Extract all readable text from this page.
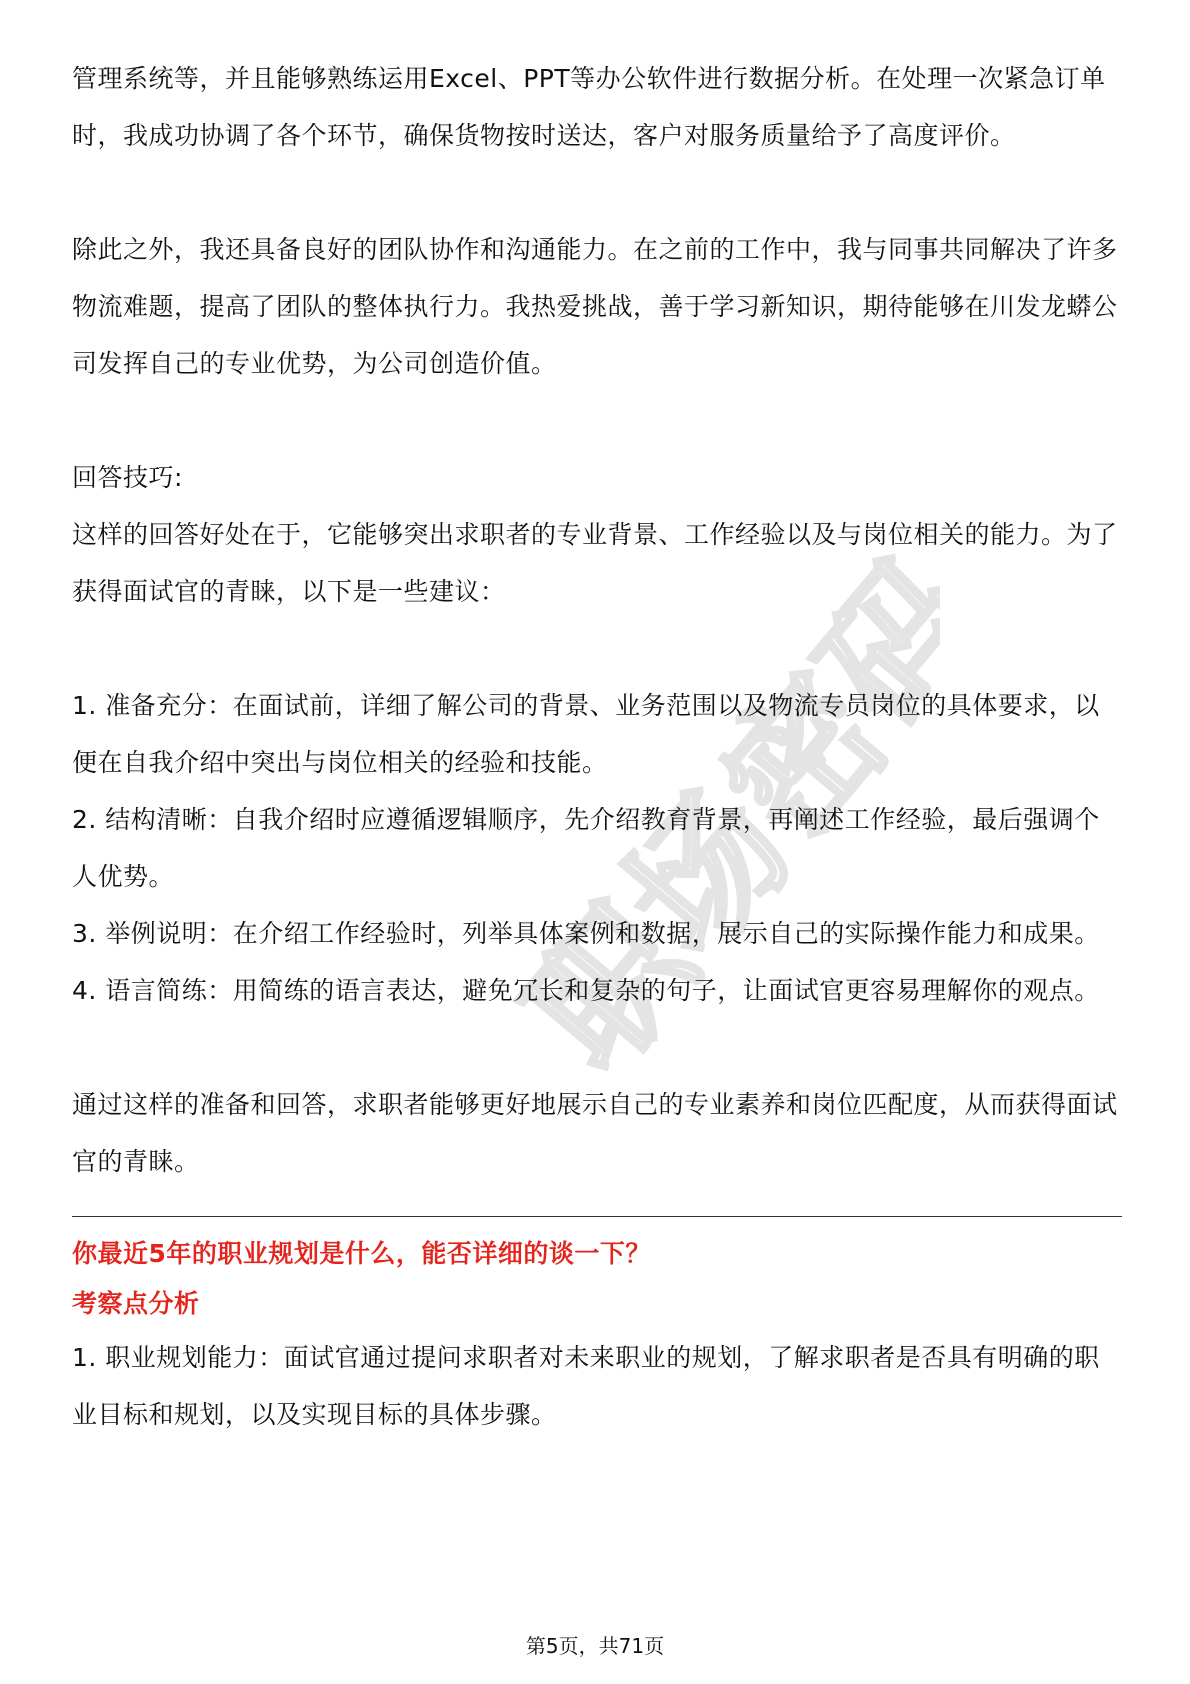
职场密码

管理系统等，并且能够熟练运用Excel、PPT等办公软件进行数据分析。在处理一次紧急订单时，我成功协调了各个环节，确保货物按时送达，客户对服务质量给予了高度评价。

除此之外，我还具备良好的团队协作和沟通能力。在之前的工作中，我与同事共同解决了许多物流难题，提高了团队的整体执行力。我热爱挑战，善于学习新知识，期待能够在川发龙蟒公司发挥自己的专业优势，为公司创造价值。

回答技巧:

这样的回答好处在于，它能够突出求职者的专业背景、工作经验以及与岗位相关的能力。为了获得面试官的青睐，以下是一些建议：

1. 准备充分：在面试前，详细了解公司的背景、业务范围以及物流专员岗位的具体要求，以便在自我介绍中突出与岗位相关的经验和技能。

2. 结构清晰：自我介绍时应遵循逻辑顺序，先介绍教育背景，再阐述工作经验，最后强调个人优势。

3. 举例说明：在介绍工作经验时，列举具体案例和数据，展示自己的实际操作能力和成果。

4. 语言简练：用简练的语言表达，避免冗长和复杂的句子，让面试官更容易理解你的观点。

通过这样的准备和回答，求职者能够更好地展示自己的专业素养和岗位匹配度，从而获得面试官的青睐。

你最近5年的职业规划是什么，能否详细的谈一下？

考察点分析

1. 职业规划能力：面试官通过提问求职者对未来职业的规划，了解求职者是否具有明确的职业目标和规划，以及实现目标的具体步骤。

第5页，共71页
